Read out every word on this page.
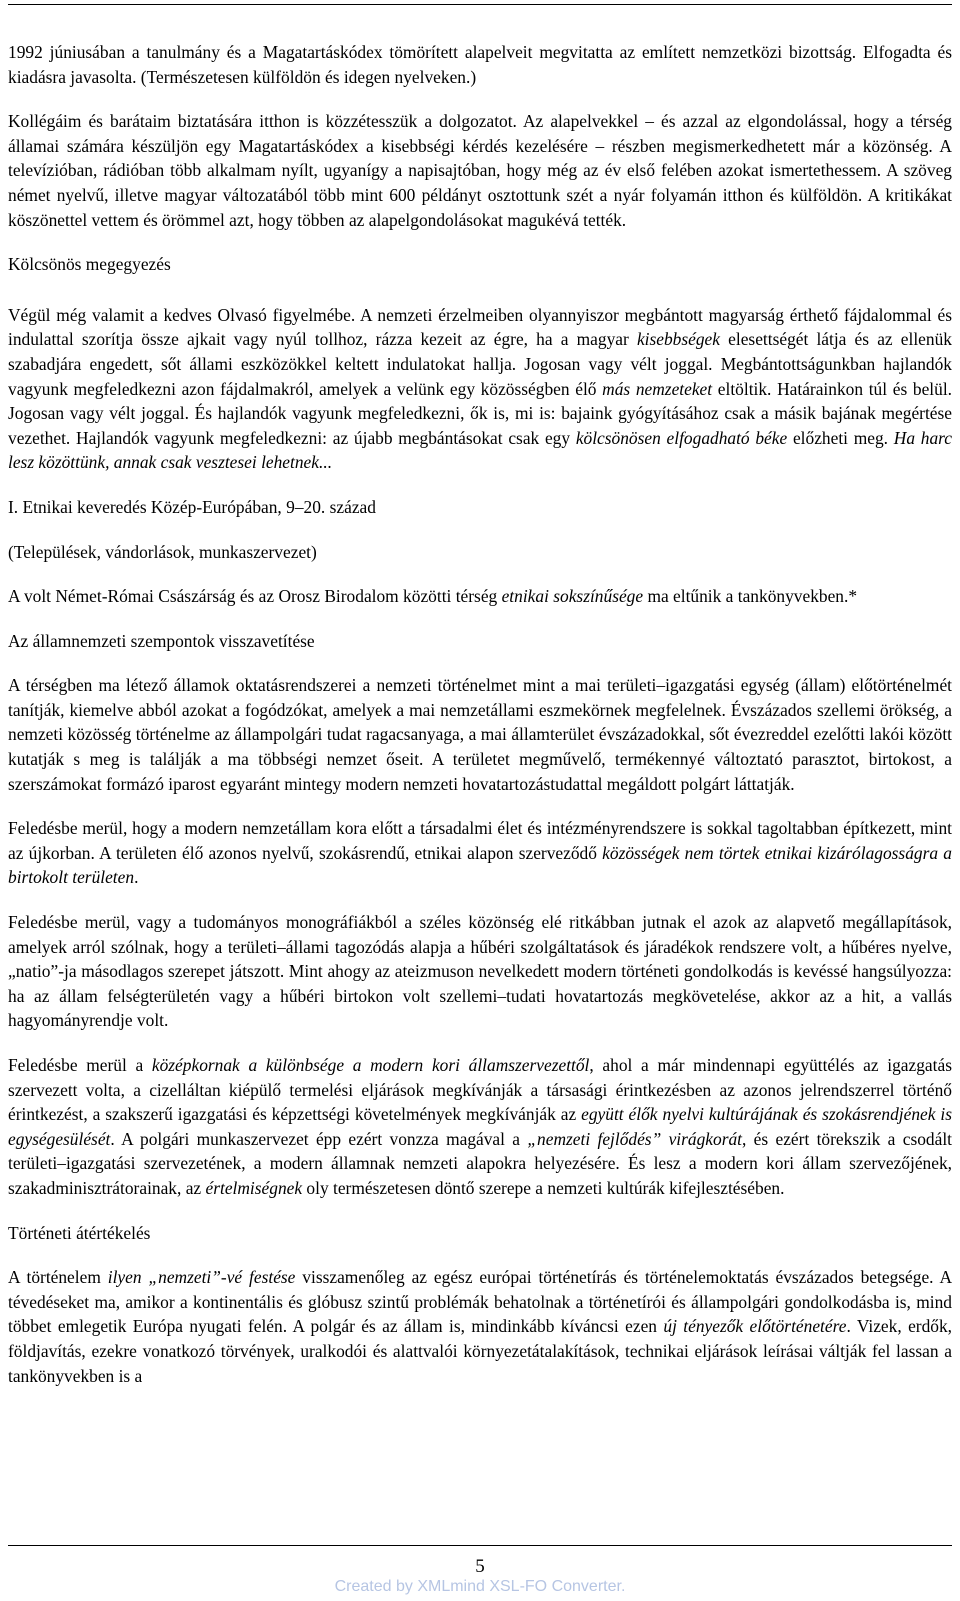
1992 júniusában a tanulmány és a Magatartáskódex tömörített alapelveit megvitatta az említett nemzetközi bizottság. Elfogadta és kiadásra javasolta. (Természetesen külföldön és idegen nyelveken.)

Kollégáim és barátaim biztatására itthon is közzétesszük a dolgozatot. Az alapelvekkel – és azzal az elgondolással, hogy a térség államai számára készüljön egy Magatartáskódex a kisebbségi kérdés kezelésére – részben megismerkedhetett már a közönség. A televízióban, rádióban több alkalmam nyílt, ugyanígy a napisajtóban, hogy még az év első felében azokat ismertethessem. A szöveg német nyelvű, illetve magyar változatából több mint 600 példányt osztottunk szét a nyár folyamán itthon és külföldön. A kritikákat köszönettel vettem és örömmel azt, hogy többen az alapelgondolásokat magukévá tették.

Kölcsönös megegyezés

Végül még valamit a kedves Olvasó figyelmébe. A nemzeti érzelmeiben olyannyiszor megbántott magyarság érthető fájdalommal és indulattal szorítja össze ajkait vagy nyúl tollhoz, rázza kezeit az égre, ha a magyar kisebbségek elesettségét látja és az ellenük szabadjára engedett, sőt állami eszközökkel keltett indulatokat hallja. Jogosan vagy vélt joggal. Megbántottságunkban hajlandók vagyunk megfeledkezni azon fájdalmakról, amelyek a velünk egy közösségben élő más nemzeteket eltöltik. Határainkon túl és belül. Jogosan vagy vélt joggal. És hajlandók vagyunk megfeledkezni, ők is, mi is: bajaink gyógyításához csak a másik bajának megértése vezethet. Hajlandók vagyunk megfeledkezni: az újabb megbántásokat csak egy kölcsönösen elfogadható béke előzheti meg. Ha harc lesz közöttünk, annak csak vesztesei lehetnek...

I. Etnikai keveredés Közép-Európában, 9–20. század

(Települések, vándorlások, munkaszervezet)

A volt Német-Római Császárság és az Orosz Birodalom közötti térség etnikai sokszínűsége ma eltűnik a tankönyvekben.*

Az államnemzeti szempontok visszavetítése

A térségben ma létező államok oktatásrendszerei a nemzeti történelmet mint a mai területi–igazgatási egység (állam) előtörténelmét tanítják, kiemelve abból azokat a fogódzókat, amelyek a mai nemzetállami eszmekörnek megfelelnek. Évszázados szellemi örökség, a nemzeti közösség történelme az állampolgári tudat ragacsanyaga, a mai államterület évszázadokkal, sőt évezreddel ezelőtti lakói között kutatják s meg is találják a ma többségi nemzet őseit. A területet megművelő, termékennyé változtató parasztot, birtokost, a szerszámokat formázó iparost egyaránt mintegy modern nemzeti hovatartozástudattal megáldott polgárt láttatják.

Feledésbe merül, hogy a modern nemzetállam kora előtt a társadalmi élet és intézményrendszere is sokkal tagoltabban építkezett, mint az újkorban. A területen élő azonos nyelvű, szokásrendű, etnikai alapon szerveződő közösségek nem törtek etnikai kizárólagosságra a birtokolt területen.

Feledésbe merül, vagy a tudományos monográfiákból a széles közönség elé ritkábban jutnak el azok az alapvető megállapítások, amelyek arról szólnak, hogy a területi–állami tagozódás alapja a hűbéri szolgáltatások és járadékok rendszere volt, a hűbéres nyelve, „natio”-ja másodlagos szerepet játszott. Mint ahogy az ateizmuson nevelkedett modern történeti gondolkodás is kevéssé hangsúlyozza: ha az állam felségterületén vagy a hűbéri birtokon volt szellemi–tudati hovatartozás megkövetelése, akkor az a hit, a vallás hagyományrendje volt.

Feledésbe merül a középkornak a különbsége a modern kori államszervezettől, ahol a már mindennapi együttélés az igazgatás szervezett volta, a cizelláltan kiépülő termelési eljárások megkívánják a társasági érintkezésben az azonos jelrendszerrel történő érintkezést, a szakszerű igazgatási és képzettségi követelmények megkívánják az együtt élők nyelvi kultúrájának és szokásrendjének is egységesülését. A polgári munkaszervezet épp ezért vonzza magával a „nemzeti fejlődés” virágkorát, és ezért törekszik a csodált területi–igazgatási szervezetének, a modern államnak nemzeti alapokra helyezésére. És lesz a modern kori állam szervezőjének, szakadminisztrátorainak, az értelmiségnek oly természetesen döntő szerepe a nemzeti kultúrák kifejlesztésében.

Történeti átértékelés

A történelem ilyen „nemzeti”-vé festése visszamenőleg az egész európai történetírás és történelemoktatás évszázados betegsége. A tévedéseket ma, amikor a kontinentális és glóbusz szintű problémák behatolnak a történetírói és állampolgári gondolkodásba is, mind többet emlegetik Európa nyugati felén. A polgár és az állam is, mindinkább kíváncsi ezen új tényezők előtörténetére. Vizek, erdők, földjavítás, ezekre vonatkozó törvények, uralkodói és alattvalói környezetátalakítások, technikai eljárások leírásai váltják fel lassan a tankönyvekben is a

5
Created by XMLmind XSL-FO Converter.
